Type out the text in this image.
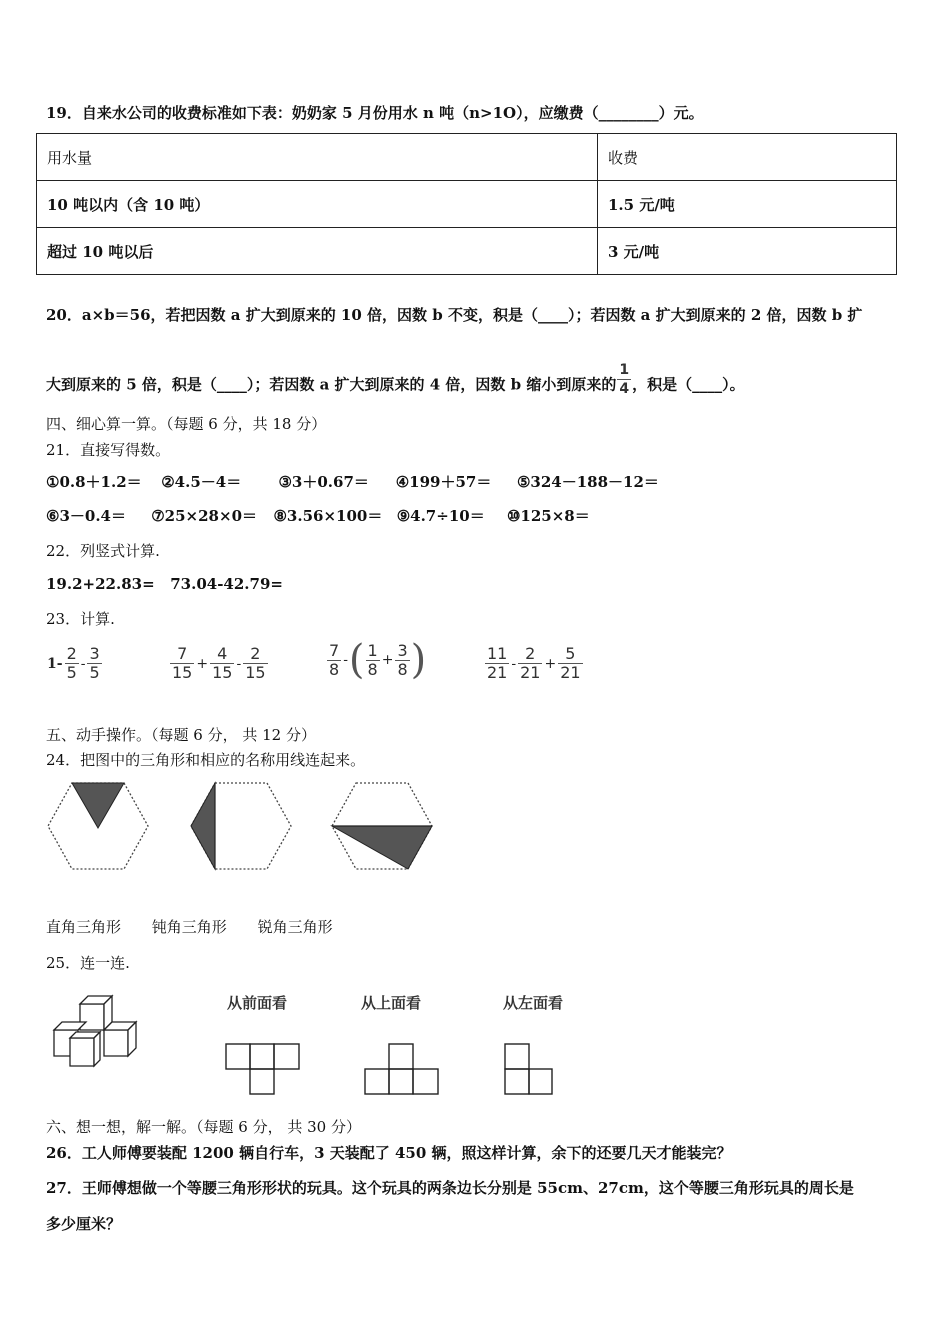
19．自来水公司的收费标准如下表：奶奶家 5 月份用水 n 吨（n>1O），应缴费（________）元。
用水量	收费
10 吨以内（含 10 吨）	1.5 元/吨
超过 10 吨以后	3 元/吨
20．a×b＝56，若把因数 a 扩大到原来的 10 倍，因数 b 不变，积是（____）；若因数 a 扩大到原来的 2 倍，因数 b 扩
大到原来的 5 倍，积是（____）；若因数 a 扩大到原来的 4 倍，因数 b 缩小到原来的 $\frac{1}{4}$ ，积是（____）。
四、细心算一算。（每题 6 分，共 18 分）
21．直接写得数。
①0.8＋1.2＝ ②4.5－4＝ ③3＋0.67＝ ④199＋57＝ ⑤324－188－12＝
⑥3－0.4＝ ⑦25×28×0＝ ⑧3.56×100＝ ⑨4.7÷10＝ ⑩125×8＝
22．列竖式计算.
19.2+22.83= 73.04-42.79=
23．计算.
$1- \frac{2}{5} - \frac{3}{5}$	$\frac{7}{15} + \frac{4}{15} - \frac{2}{15}$	$\frac{7}{8}$ -( $\frac{1}{8} + \frac{3}{8}$ )	$\frac{11}{21} - \frac{2}{21} + \frac{5}{21}$
五、动手操作。（每题 6 分， 共 12 分）
24．把图中的三角形和相应的名称用线连起来。
直角三角形 钝角三角形 锐角三角形
25．连一连.
从前面看	从上面看	从左面看
六、想一想，解一解。（每题 6 分， 共 30 分）
26．工人师傅要装配 1200 辆自行车，3 天装配了 450 辆，照这样计算，余下的还要几天才能装完？
27．王师傅想做一个等腰三角形形状的玩具。这个玩具的两条边长分别是 55cm、27cm，这个等腰三角形玩具的周长是
多少厘米？
